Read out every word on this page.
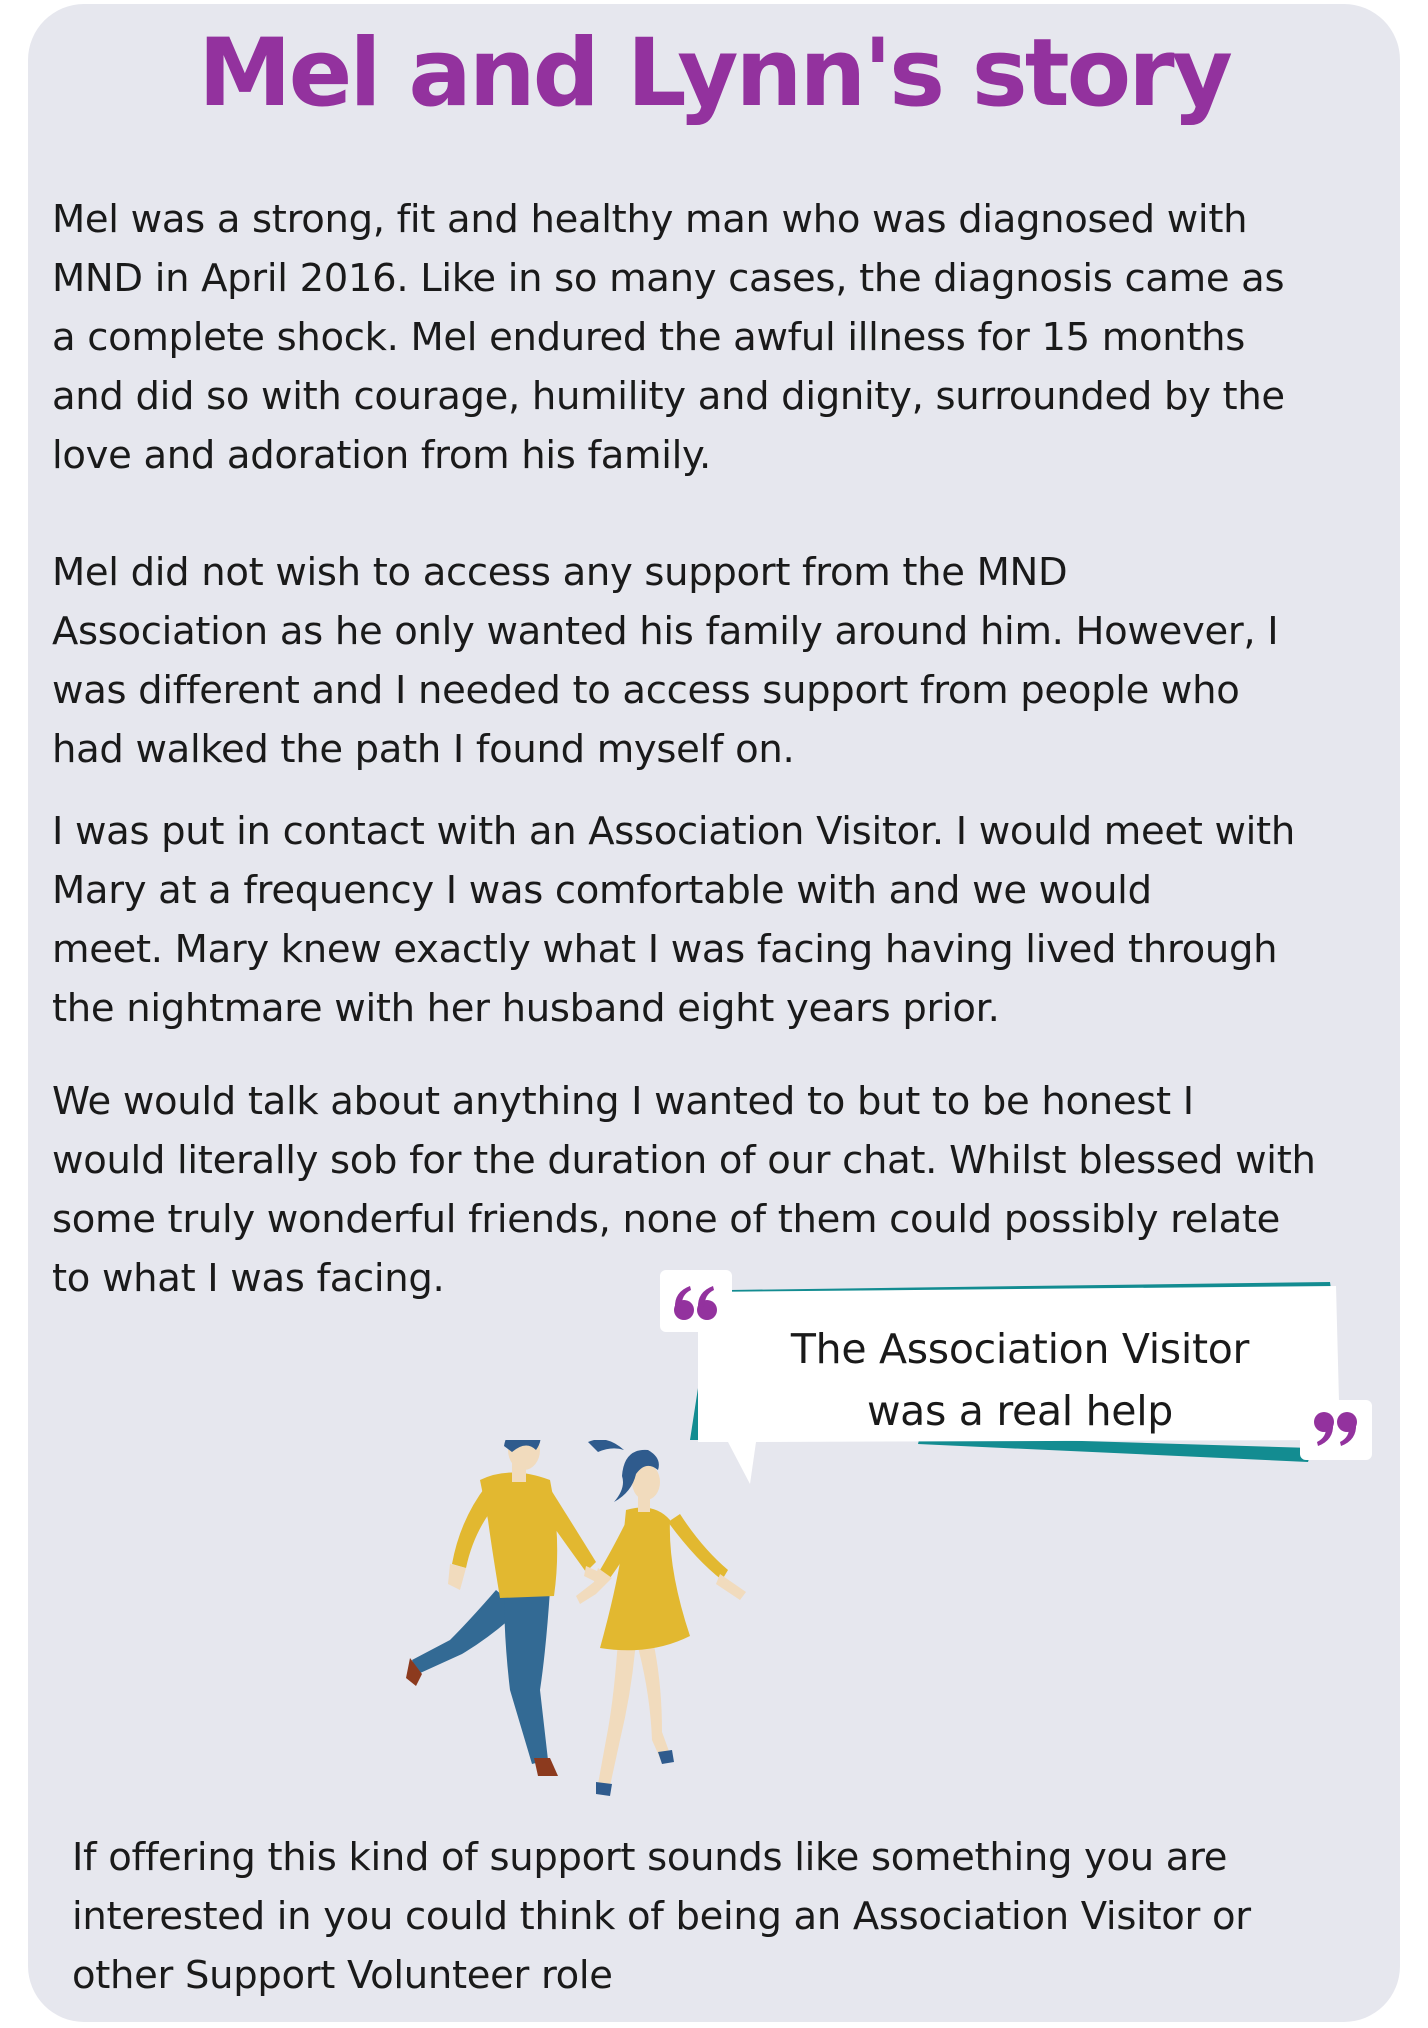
Mel and Lynn's story

Mel was a strong, fit and healthy man who was diagnosed with
MND in April 2016. Like in so many cases, the diagnosis came as
a complete shock. Mel endured the awful illness for 15 months
and did so with courage, humility and dignity, surrounded by the
love and adoration from his family.

Mel did not wish to access any support from the MND
Association as he only wanted his family around him. However, I
was different and I needed to access support from people who
had walked the path I found myself on.

I was put in contact with an Association Visitor. I would meet with
Mary at a frequency I was comfortable with and we would
meet. Mary knew exactly what I was facing having lived through
the nightmare with her husband eight years prior.

We would talk about anything I wanted to but to be honest I
would literally sob for the duration of our chat. Whilst blessed with
some truly wonderful friends, none of them could possibly relate
to what I was facing.

The Association Visitor
was a real help

If offering this kind of support sounds like something you are
interested in you could think of being an Association Visitor or
other Support Volunteer role
